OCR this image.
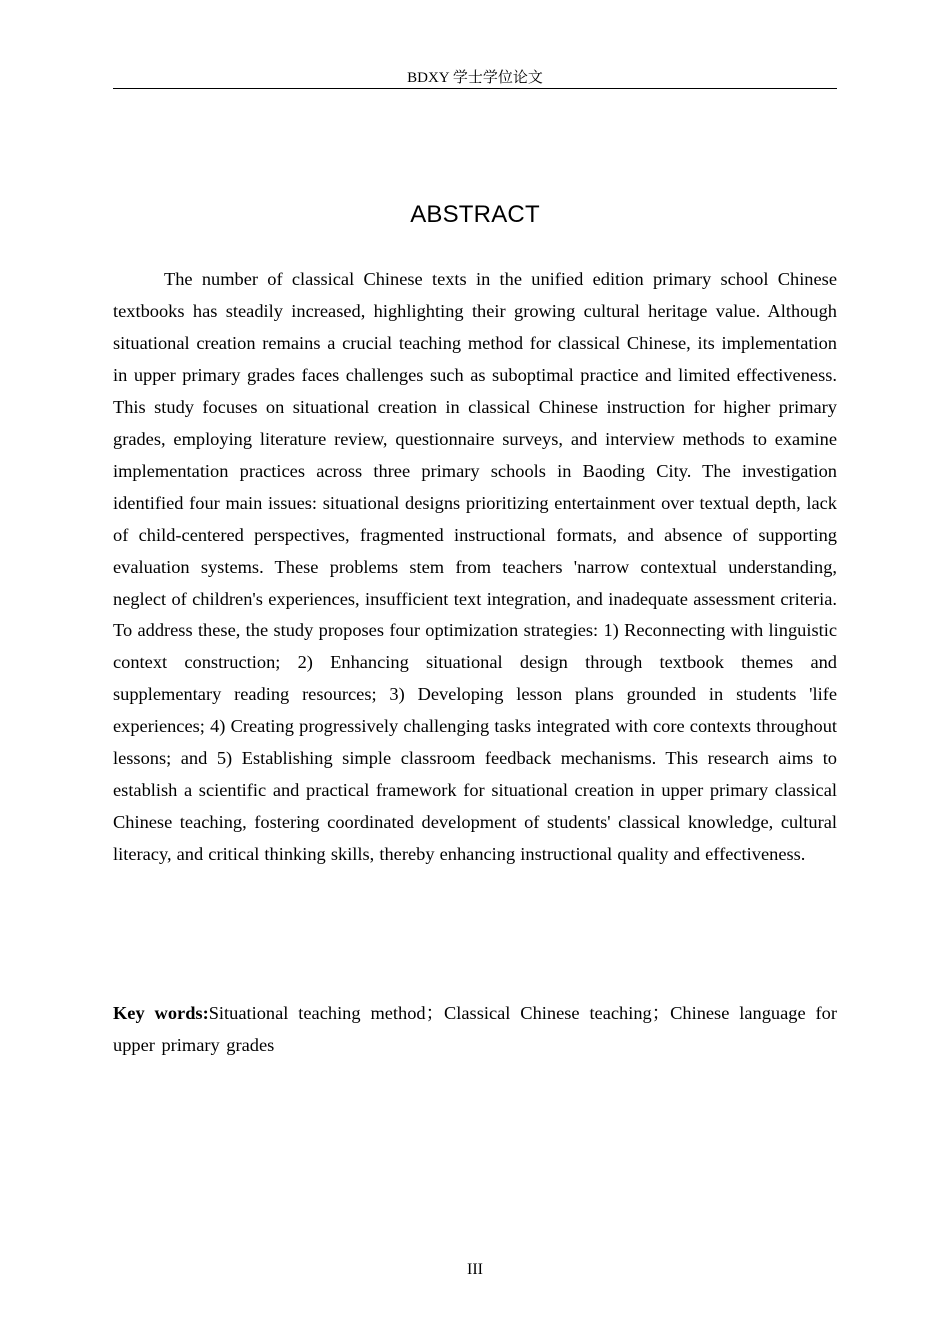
BDXY 学士学位论文
ABSTRACT

The number of classical Chinese texts in the unified edition primary school Chinese textbooks has steadily increased, highlighting their growing cultural heritage value. Although situational creation remains a crucial teaching method for classical Chinese, its implementation in upper primary grades faces challenges such as suboptimal practice and limited effectiveness. This study focuses on situational creation in classical Chinese instruction for higher primary grades, employing literature review, questionnaire surveys, and interview methods to examine implementation practices across three primary schools in Baoding City. The investigation identified four main issues: situational designs prioritizing entertainment over textual depth, lack of child-centered perspectives, fragmented instructional formats, and absence of supporting evaluation systems. These problems stem from teachers 'narrow contextual understanding, neglect of children's experiences, insufficient text integration, and inadequate assessment criteria. To address these, the study proposes four optimization strategies: 1) Reconnecting with linguistic context construction; 2) Enhancing situational design through textbook themes and supplementary reading resources; 3) Developing lesson plans grounded in students 'life experiences; 4) Creating progressively challenging tasks integrated with core contexts throughout lessons; and 5) Establishing simple classroom feedback mechanisms. This research aims to establish a scientific and practical framework for situational creation in upper primary classical Chinese teaching, fostering coordinated development of students' classical knowledge, cultural literacy, and critical thinking skills, thereby enhancing instructional quality and effectiveness.

Key words:Situational teaching method；Classical Chinese teaching；Chinese language for upper primary grades

III
